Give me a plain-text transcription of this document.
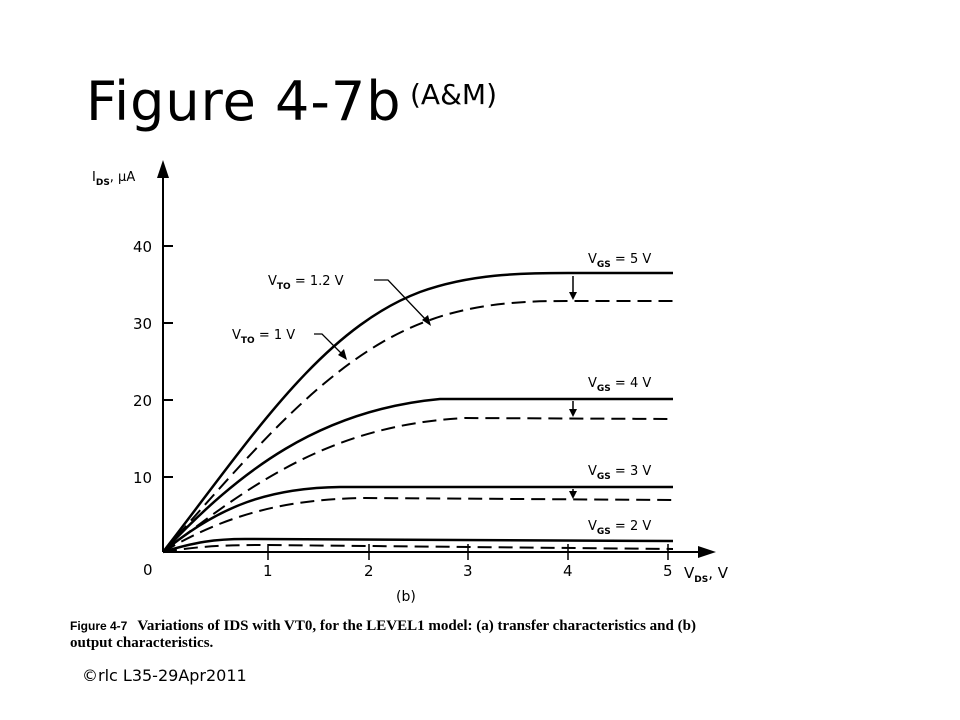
Figure 4-7b (A&M)
10
20
30
40
0	1	2	3	4	5
$I_{DS}^{, \mu A}$
$V_{DS}$, V
(b)
$V_{GS}$ $^{= 5 V}$
$V_{GS}$ $^{= 4 V}$
$V_{GS}$ $^{= 3 V}$
$V_{GS}$ $^{= 2 V}$
$V_{TO}$ $^{= 1.2 V}$
$V_{TO}$ $^{= 1 V}$
Figure 4-7 Variations of IDS with VT0, for the LEVEL1 model: (a) transfer characteristics and (b) output characteristics.
©rlc L35-29Apr2011
